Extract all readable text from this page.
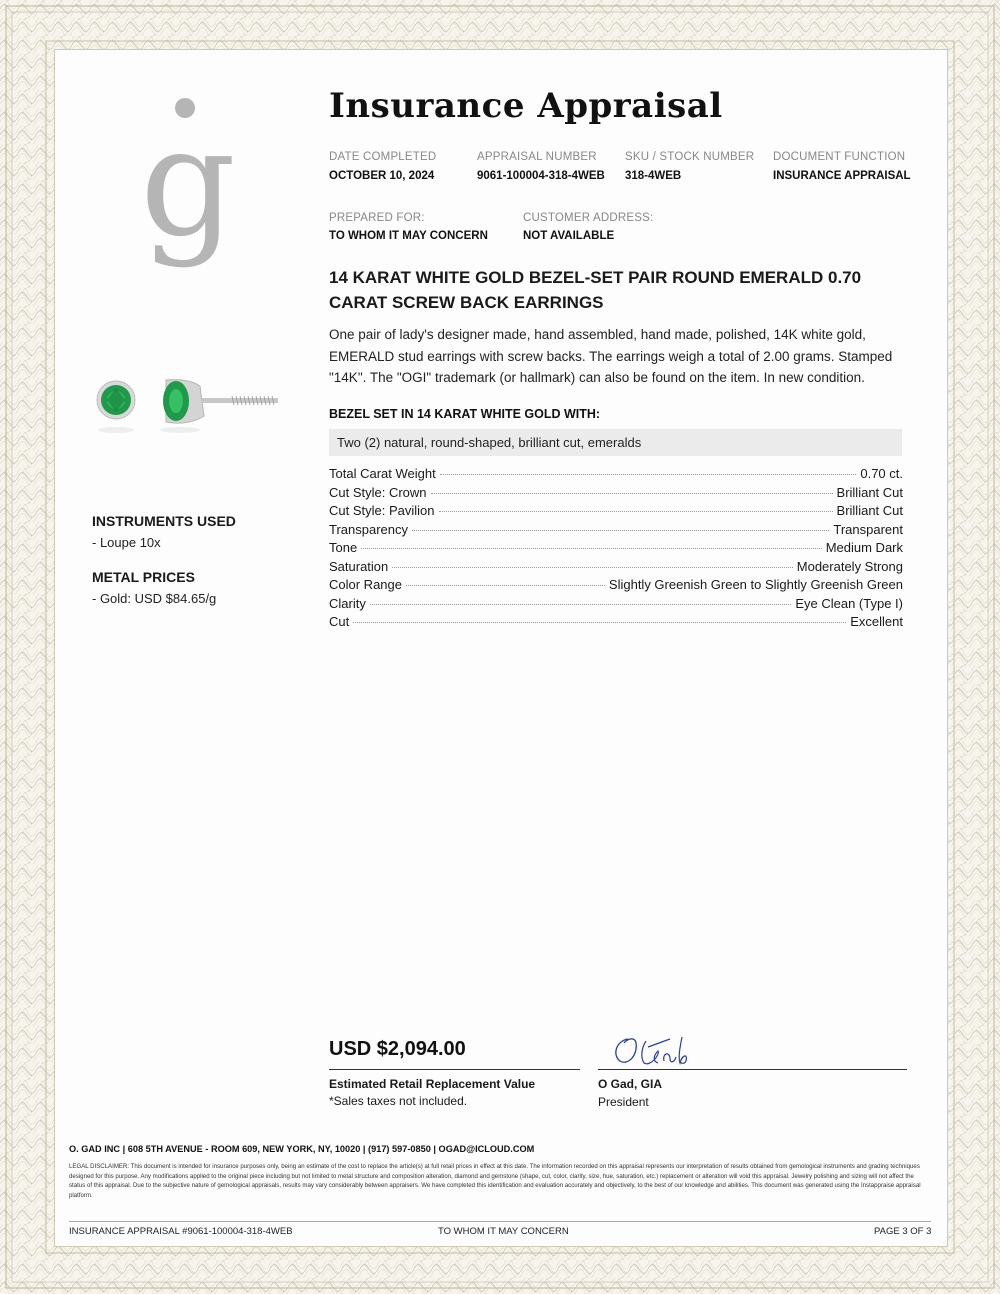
g
INSTRUMENTS USED
- Loupe 10x
METAL PRICES
- Gold: USD $84.65/g
Insurance Appraisal
DATE COMPLETED
OCTOBER 10, 2024
APPRAISAL NUMBER
9061-100004-318-4WEB
SKU / STOCK NUMBER
318-4WEB
DOCUMENT FUNCTION
INSURANCE APPRAISAL
PREPARED FOR:
TO WHOM IT MAY CONCERN
CUSTOMER ADDRESS:
NOT AVAILABLE
14 KARAT WHITE GOLD BEZEL-SET PAIR ROUND EMERALD 0.70 CARAT SCREW BACK EARRINGS
One pair of lady's designer made, hand assembled, hand made, polished, 14K white gold, EMERALD stud earrings with screw backs. The earrings weigh a total of 2.00 grams. Stamped "14K". The "OGI" trademark (or hallmark) can also be found on the item. In new condition.
BEZEL SET IN 14 KARAT WHITE GOLD WITH:
Two (2) natural, round-shaped, brilliant cut, emeralds
Total Carat Weight	0.70 ct.
Cut Style: Crown	Brilliant Cut
Cut Style: Pavilion	Brilliant Cut
Transparency	Transparent
Tone	Medium Dark
Saturation	Moderately Strong
Color Range	Slightly Greenish Green to Slightly Greenish Green
Clarity	Eye Clean (Type I)
Cut	Excellent
USD $2,094.00
Estimated Retail Replacement Value
*Sales taxes not included.
O Gad, GIA
President
O. GAD INC | 608 5TH AVENUE - ROOM 609, NEW YORK, NY, 10020 | (917) 597-0850 | OGAD@ICLOUD.COM
LEGAL DISCLAIMER: This document is intended for insurance purposes only, being an estimate of the cost to replace the article(s) at full retail prices in effect at this date. The information recorded on this appraisal represents our interpretation of results obtained from gemological instruments and grading techniques designed for this purpose. Any modifications applied to the original piece including but not limited to metal structure and composition alteration, diamond and gemstone (shape, cut, color, clarity, size, hue, saturation, etc.) replacement or alteration will void this appraisal. Jewelry polishing and sizing will not affect the status of this appraisal. Due to the subjective nature of gemological appraisals, results may vary considerably between appraisers. We have completed this identification and evaluation accurately and objectively, to the best of our knowledge and abilities. This document was generated using the Instappraise appraisal platform.
INSURANCE APPRAISAL #9061-100004-318-4WEB	TO WHOM IT MAY CONCERN	PAGE 3 OF 3
